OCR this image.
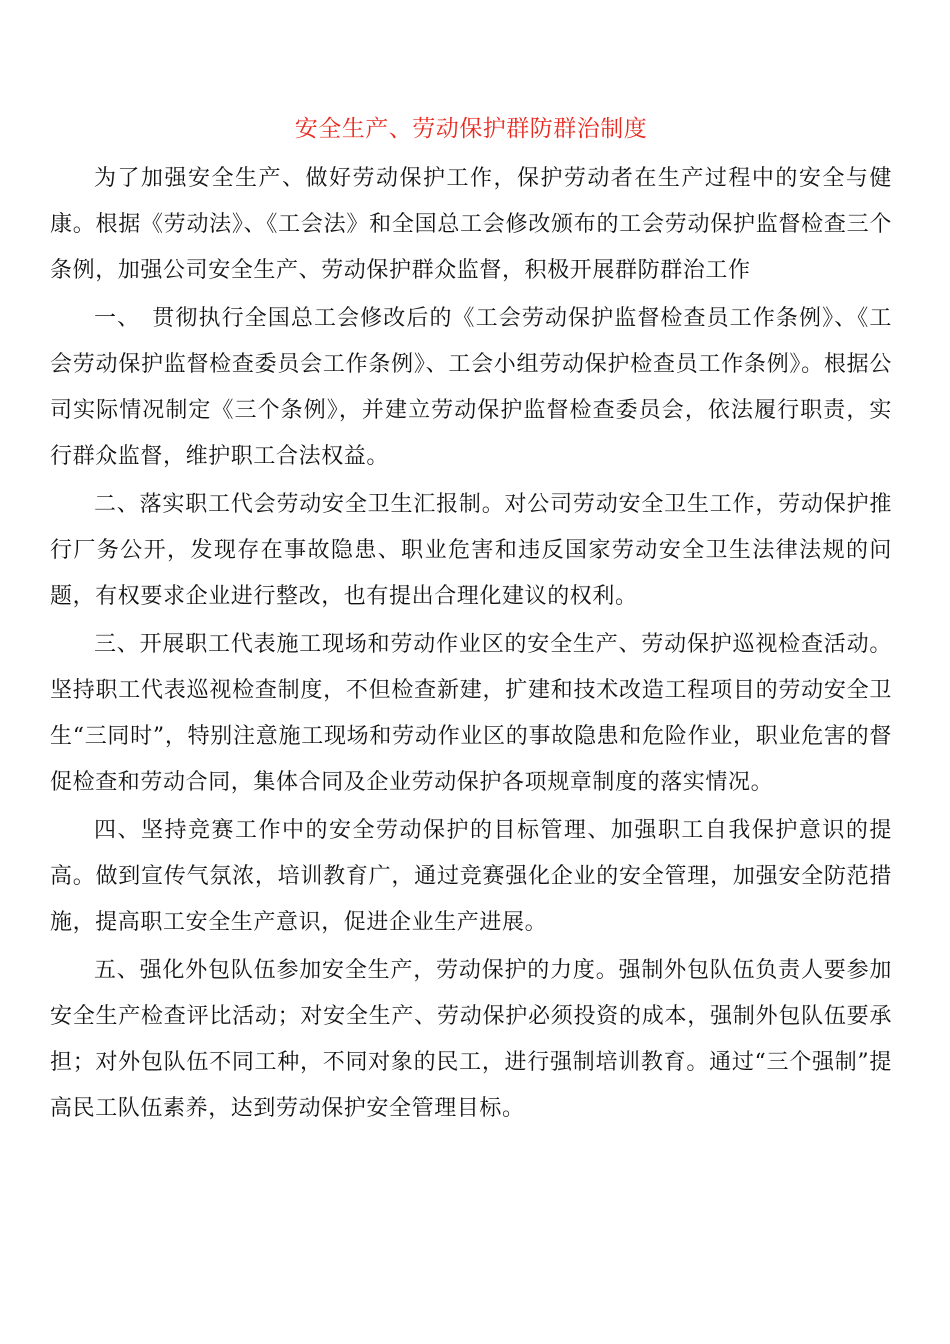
安全生产、劳动保护群防群治制度

为了加强安全生产、做好劳动保护工作，保护劳动者在生产过程中的安全与健康。根据《劳动法》、《工会法》和全国总工会修改颁布的工会劳动保护监督检查三个条例，加强公司安全生产、劳动保护群众监督，积极开展群防群治工作

一、　贯彻执行全国总工会修改后的《工会劳动保护监督检查员工作条例》、《工会劳动保护监督检查委员会工作条例》、工会小组劳动保护检查员工作条例》。根据公司实际情况制定《三个条例》，并建立劳动保护监督检查委员会，依法履行职责，实行群众监督，维护职工合法权益。

二、落实职工代会劳动安全卫生汇报制。对公司劳动安全卫生工作，劳动保护推行厂务公开，发现存在事故隐患、职业危害和违反国家劳动安全卫生法律法规的问题，有权要求企业进行整改，也有提出合理化建议的权利。

三、开展职工代表施工现场和劳动作业区的安全生产、劳动保护巡视检查活动。坚持职工代表巡视检查制度，不但检查新建，扩建和技术改造工程项目的劳动安全卫生“三同时”，特别注意施工现场和劳动作业区的事故隐患和危险作业，职业危害的督促检查和劳动合同，集体合同及企业劳动保护各项规章制度的落实情况。

四、坚持竞赛工作中的安全劳动保护的目标管理、加强职工自我保护意识的提高。做到宣传气氛浓，培训教育广，通过竞赛强化企业的安全管理，加强安全防范措施，提高职工安全生产意识，促进企业生产进展。

五、强化外包队伍参加安全生产，劳动保护的力度。强制外包队伍负责人要参加安全生产检查评比活动；对安全生产、劳动保护必须投资的成本，强制外包队伍要承担；对外包队伍不同工种，不同对象的民工，进行强制培训教育。通过“三个强制”提高民工队伍素养，达到劳动保护安全管理目标。
